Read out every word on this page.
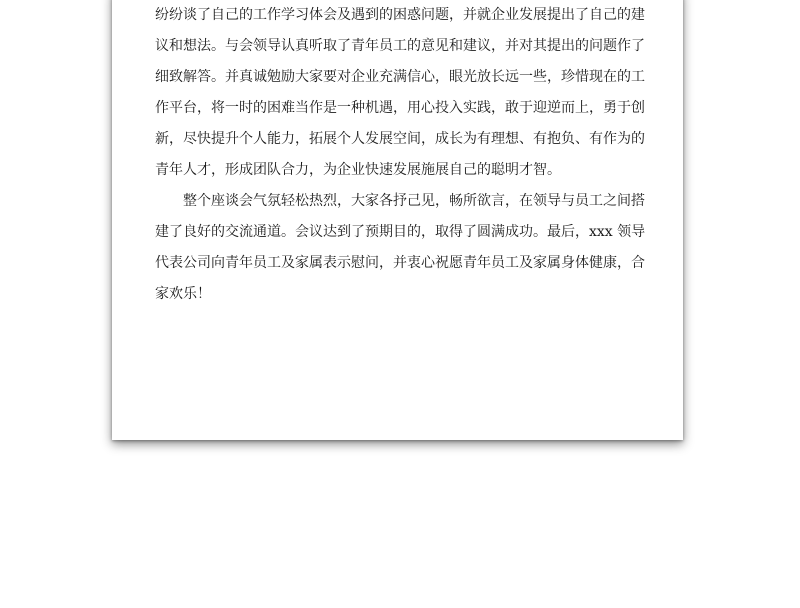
纷纷谈了自己的工作学习体会及遇到的困惑问题，并就企业发展提出了自己的建
议和想法。与会领导认真听取了青年员工的意见和建议，并对其提出的问题作了
细致解答。并真诚勉励大家要对企业充满信心，眼光放长远一些，珍惜现在的工
作平台，将一时的困难当作是一种机遇，用心投入实践，敢于迎逆而上，勇于创
新，尽快提升个人能力，拓展个人发展空间，成长为有理想、有抱负、有作为的
青年人才，形成团队合力，为企业快速发展施展自己的聪明才智。
整个座谈会气氛轻松热烈，大家各抒己见，畅所欲言，在领导与员工之间搭
建了良好的交流通道。会议达到了预期目的，取得了圆满成功。最后，xxx 领导
代表公司向青年员工及家属表示慰问，并衷心祝愿青年员工及家属身体健康，合
家欢乐！
